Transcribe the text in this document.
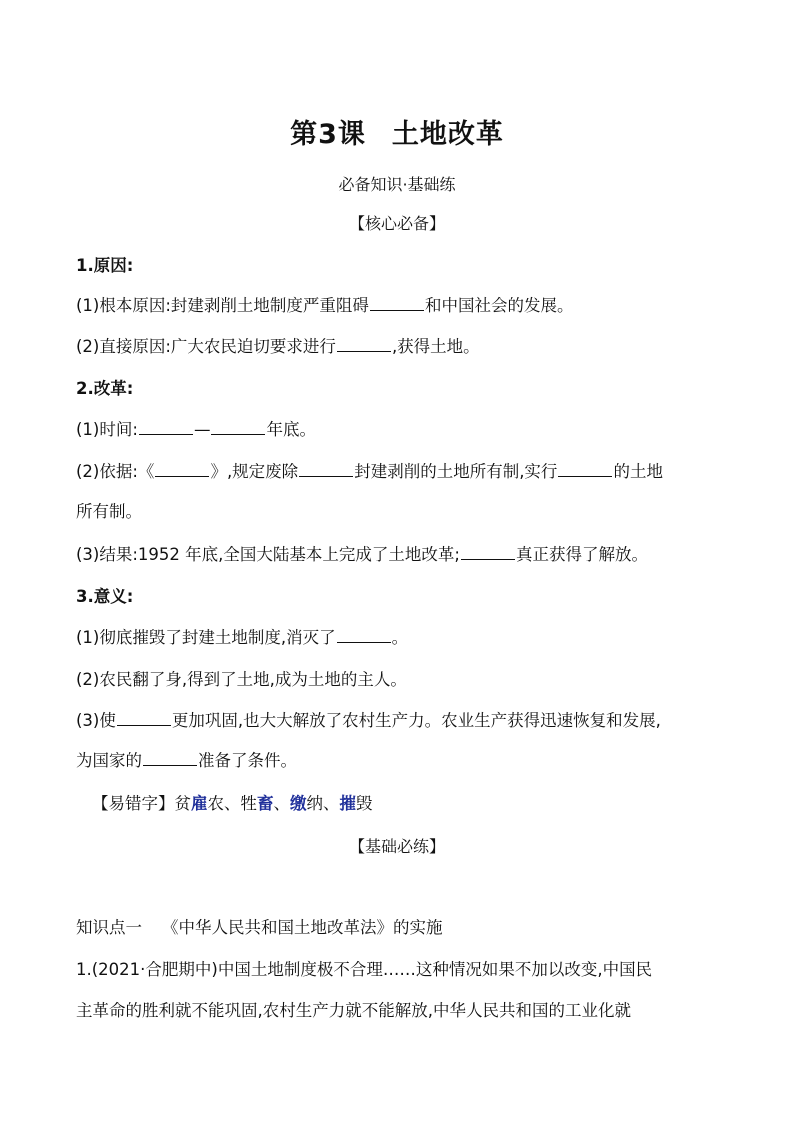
第3课 土地改革
必备知识·基础练
【核心必备】
1.原因:
(1)根本原因:封建剥削土地制度严重阻碍	和中国社会的发展。
(2)直接原因:广大农民迫切要求进行	,获得土地。
2.改革:
(1)时间:	—	年底。
(2)依据:《	》,规定废除	封建剥削的土地所有制,实行	的土地
所有制。
(3)结果:1952 年底,全国大陆基本上完成了土地改革;	真正获得了解放。
3.意义:
(1)彻底摧毁了封建土地制度,消灭了	。
(2)农民翻了身,得到了土地,成为土地的主人。
(3)使	更加巩固,也大大解放了农村生产力。农业生产获得迅速恢复和发展,
为国家的	准备了条件。
【易错字】贫雇农、牲畜、缴纳、摧毁
【基础必练】
知识点一 《中华人民共和国土地改革法》的实施
1.(2021·合肥期中)中国土地制度极不合理……这种情况如果不加以改变,中国民
主革命的胜利就不能巩固,农村生产力就不能解放,中华人民共和国的工业化就
